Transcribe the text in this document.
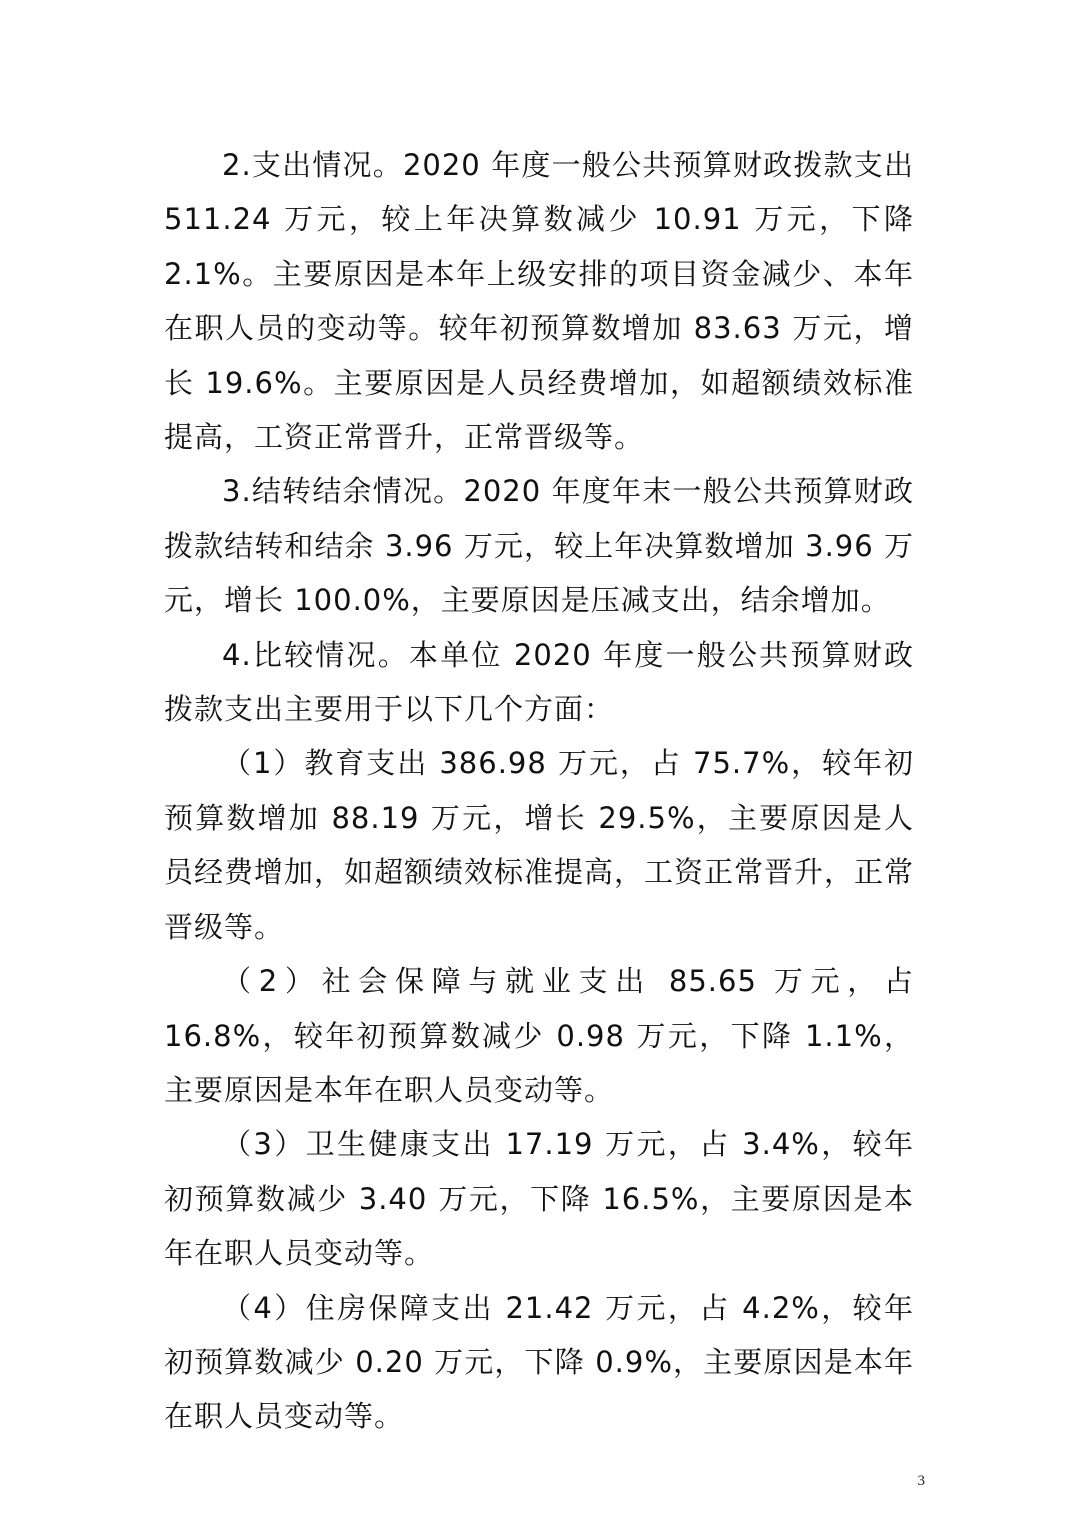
2.支出情况。2020 年度一般公共预算财政拨款支出 511.24 万元，较上年决算数减少 10.91 万元，下降 2.1%。主要原因是本年上级安排的项目资金减少、本年在职人员的变动等。较年初预算数增加 83.63 万元，增长 19.6%。主要原因是人员经费增加，如超额绩效标准提高，工资正常晋升，正常晋级等。

3.结转结余情况。2020 年度年末一般公共预算财政拨款结转和结余 3.96 万元，较上年决算数增加 3.96 万元，增长 100.0%，主要原因是压减支出，结余增加。

4.比较情况。本单位 2020 年度一般公共预算财政拨款支出主要用于以下几个方面：

（1）教育支出 386.98 万元，占 75.7%，较年初预算数增加 88.19 万元，增长 29.5%，主要原因是人员经费增加，如超额绩效标准提高，工资正常晋升，正常晋级等。

（2）社会保障与就业支出 85.65 万元，占 16.8%，较年初预算数减少 0.98 万元，下降 1.1%，主要原因是本年在职人员变动等。

（3）卫生健康支出 17.19 万元，占 3.4%，较年初预算数减少 3.40 万元，下降 16.5%，主要原因是本年在职人员变动等。

（4）住房保障支出 21.42 万元，占 4.2%，较年初预算数减少 0.20 万元，下降 0.9%，主要原因是本年在职人员变动等。

3
